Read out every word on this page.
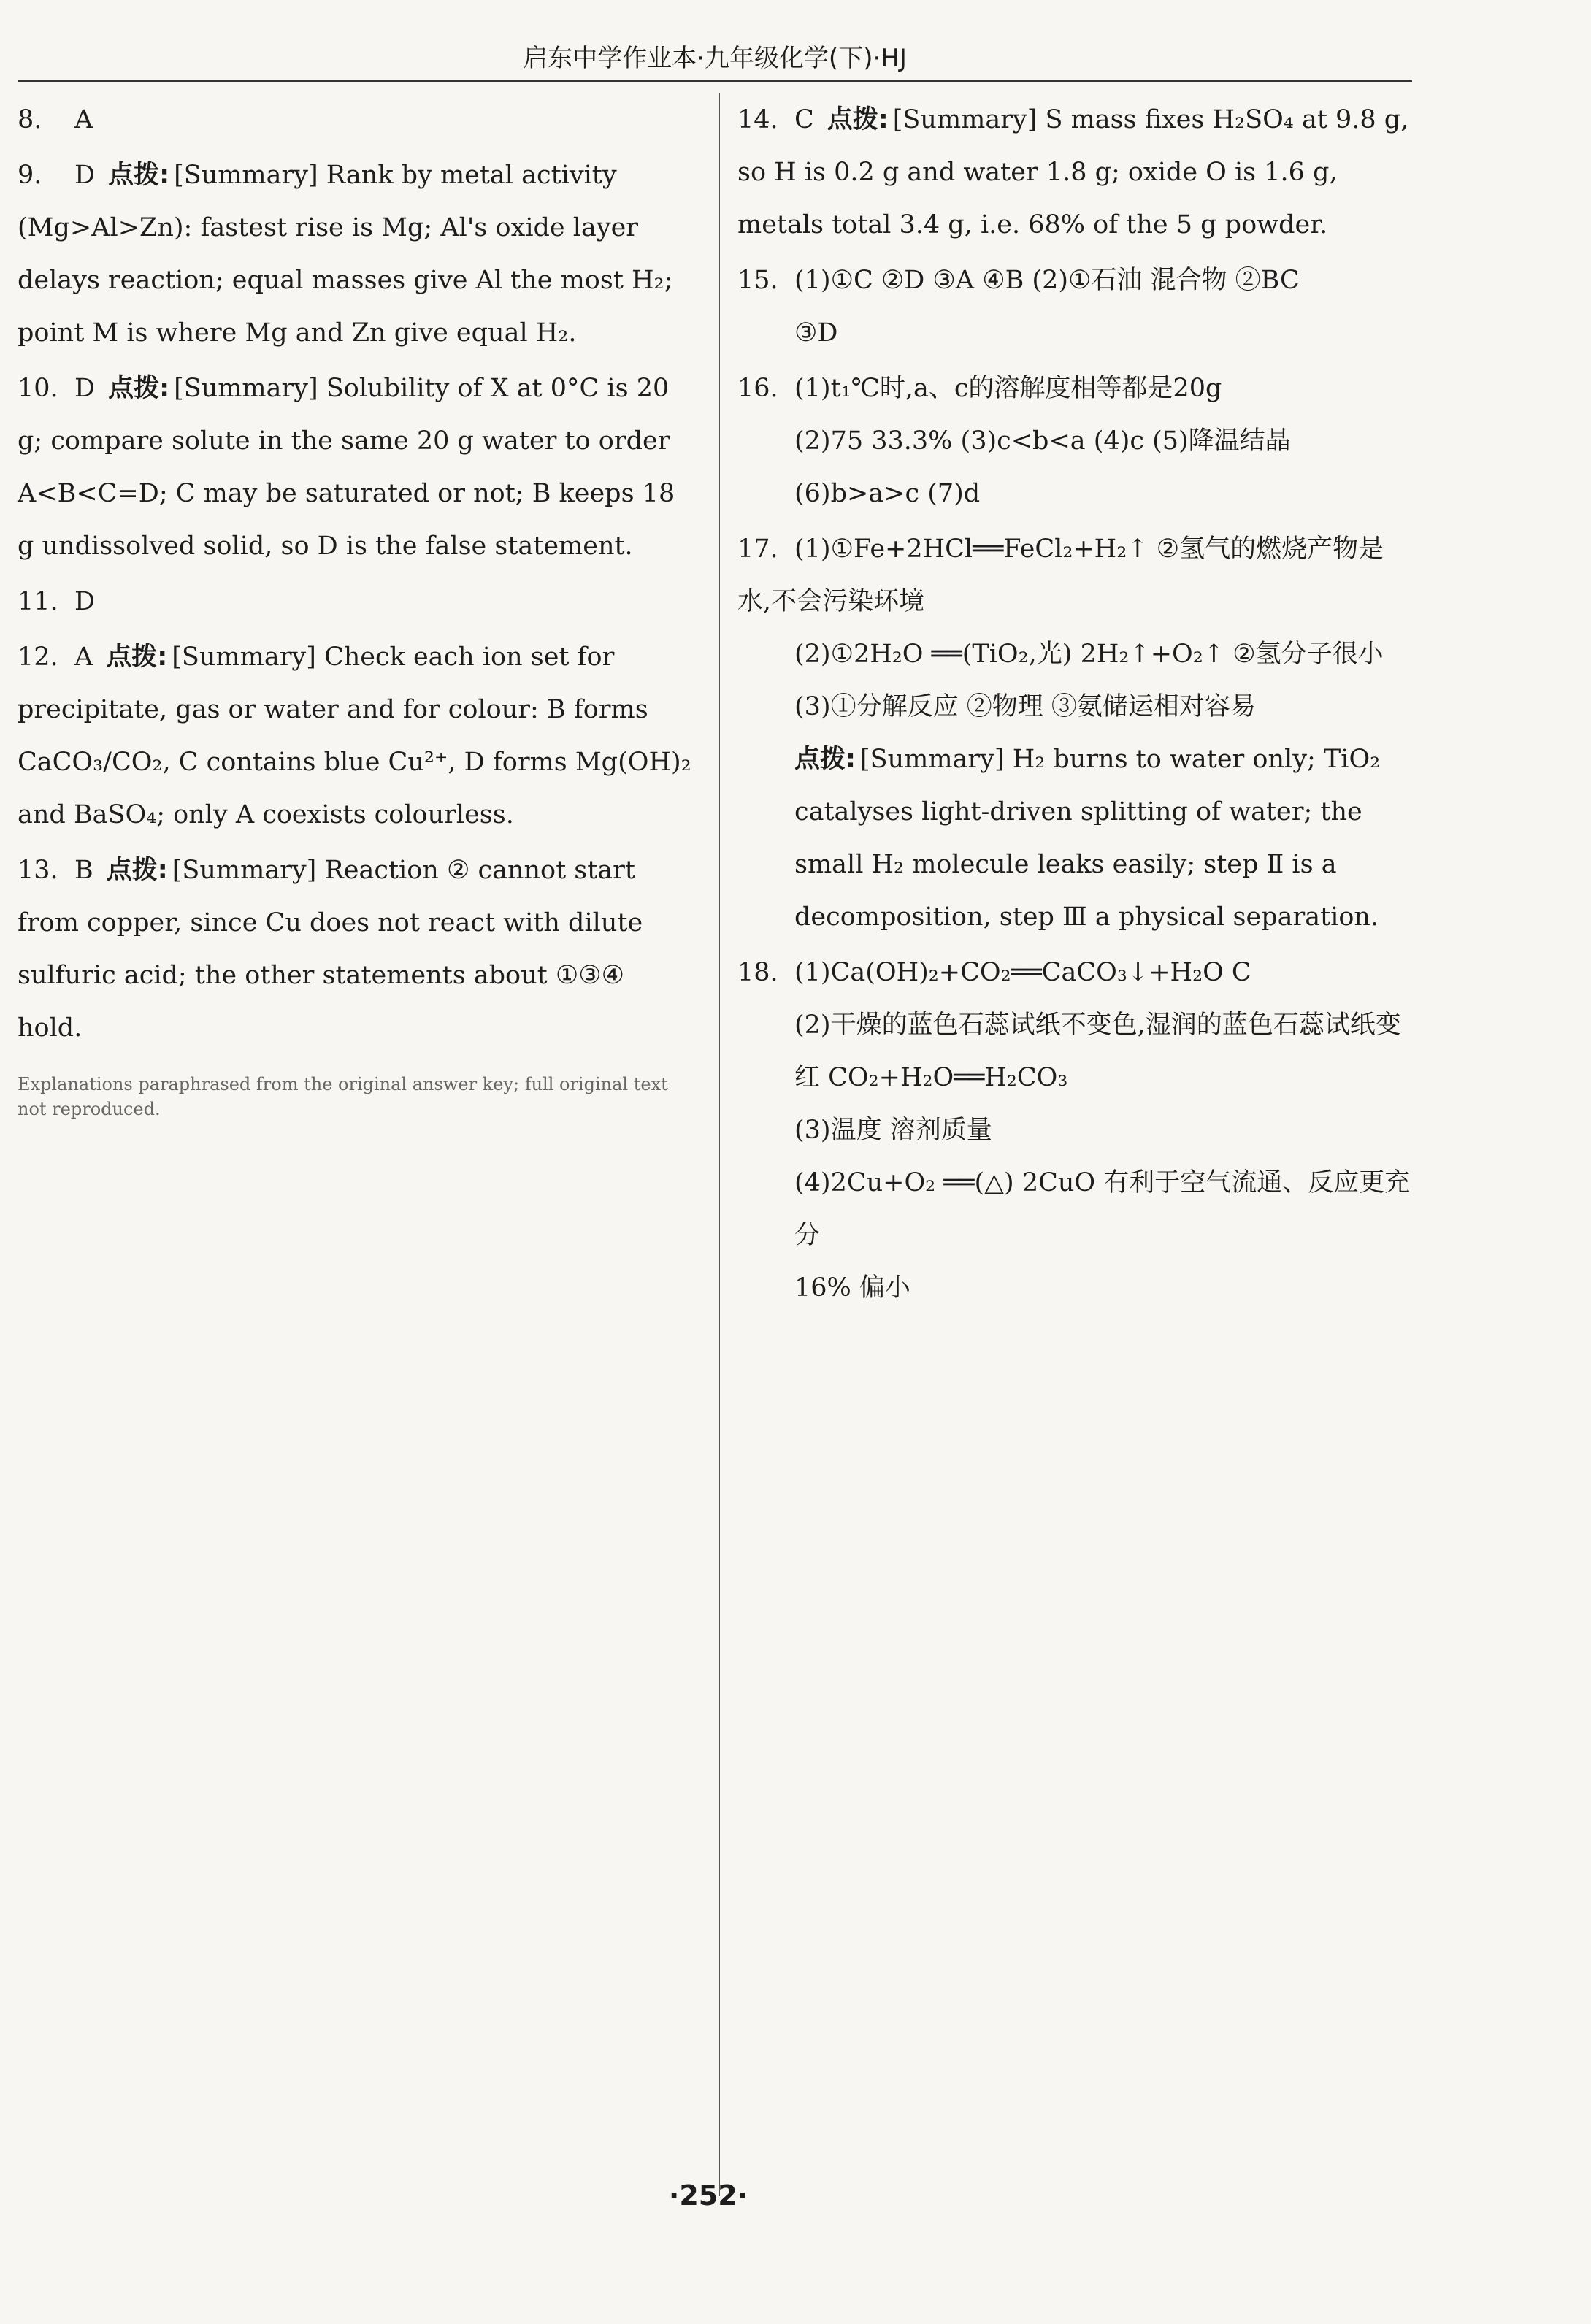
启东中学作业本·九年级化学(下)·HJ
8. A
9. D 点拨: [Summary] Rank by metal activity (Mg>Al>Zn): fastest rise is Mg; Al's oxide layer delays reaction; equal masses give Al the most H₂; point M is where Mg and Zn give equal H₂.
10. D 点拨: [Summary] Solubility of X at 0°C is 20 g; compare solute in the same 20 g water to order A<B<C=D; C may be saturated or not; B keeps 18 g undissolved solid, so D is the false statement.
11. D
12. A 点拨: [Summary] Check each ion set for precipitate, gas or water and for colour: B forms CaCO₃/CO₂, C contains blue Cu²⁺, D forms Mg(OH)₂ and BaSO₄; only A coexists colourless.
13. B 点拨: [Summary] Reaction ② cannot start from copper, since Cu does not react with dilute sulfuric acid; the other statements about ①③④ hold.
Explanations paraphrased from the original answer key; full original text not reproduced.
14. C 点拨: [Summary] S mass fixes H₂SO₄ at 9.8 g, so H is 0.2 g and water 1.8 g; oxide O is 1.6 g, metals total 3.4 g, i.e. 68% of the 5 g powder.
15. (1)①C ②D ③A ④B (2)①石油 混合物 ②BC
③D
16. (1)t₁℃时,a、c的溶解度相等都是20g
(2)75 33.3% (3)c<b<a (4)c (5)降温结晶
(6)b>a>c (7)d
17. (1)①Fe+2HCl══FeCl₂+H₂↑ ②氢气的燃烧产物是水,不会污染环境
(2)①2H₂O ══(TiO₂,光) 2H₂↑+O₂↑ ②氢分子很小
(3)①分解反应 ②物理 ③氨储运相对容易
点拨: [Summary] H₂ burns to water only; TiO₂ catalyses light-driven splitting of water; the small H₂ molecule leaks easily; step Ⅱ is a decomposition, step Ⅲ a physical separation.
18. (1)Ca(OH)₂+CO₂══CaCO₃↓+H₂O C
(2)干燥的蓝色石蕊试纸不变色,湿润的蓝色石蕊试纸变红 CO₂+H₂O══H₂CO₃
(3)温度 溶剂质量
(4)2Cu+O₂ ══(△) 2CuO 有利于空气流通、反应更充分
16% 偏小
·252·
